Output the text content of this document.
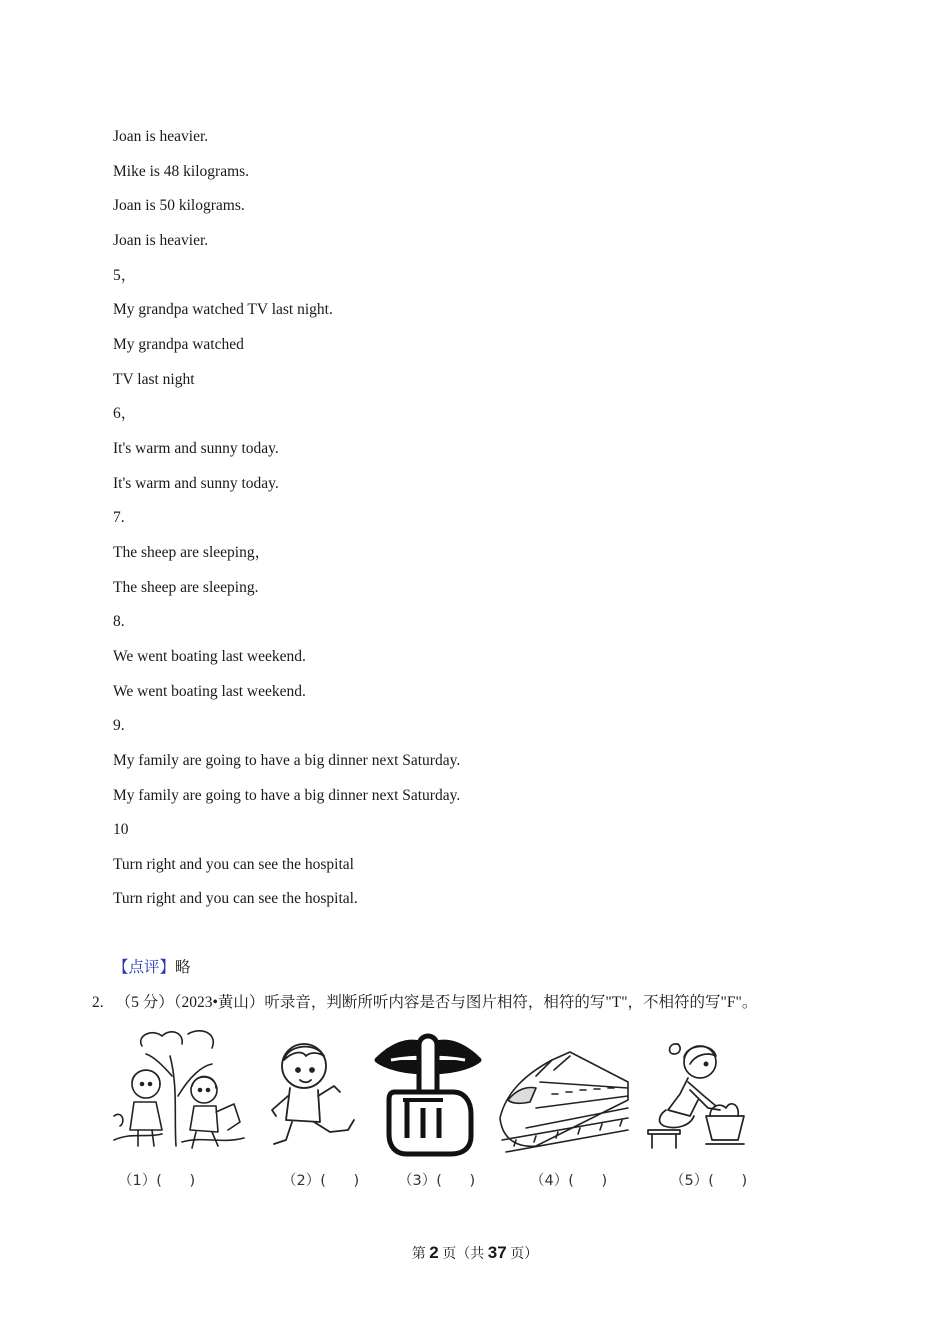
Joan is heavier.
Mike is 48 kilograms.
Joan is 50 kilograms.
Joan is heavier.
5，
My grandpa watched TV last night.
My grandpa watched
TV last night
6，
It's warm and sunny today.
It's warm and sunny today.
7.
The sheep are sleeping，
The sheep are sleeping.
8.
We went boating last weekend.
We went boating last weekend.
9.
My family are going to have a big dinner next Saturday.
My family are going to have a big dinner next Saturday.
10
Turn right and you can see the hospital
Turn right and you can see the hospital.
【点评】略
2. （5 分）（2023•黄山）听录音，判断所听内容是否与图片相符，相符的写"T"，不相符的写"F"。
（1）(      )	（2）(      )	（3）(      )	（4）(      )	（5）(      )
第 2 页（共 37 页）
